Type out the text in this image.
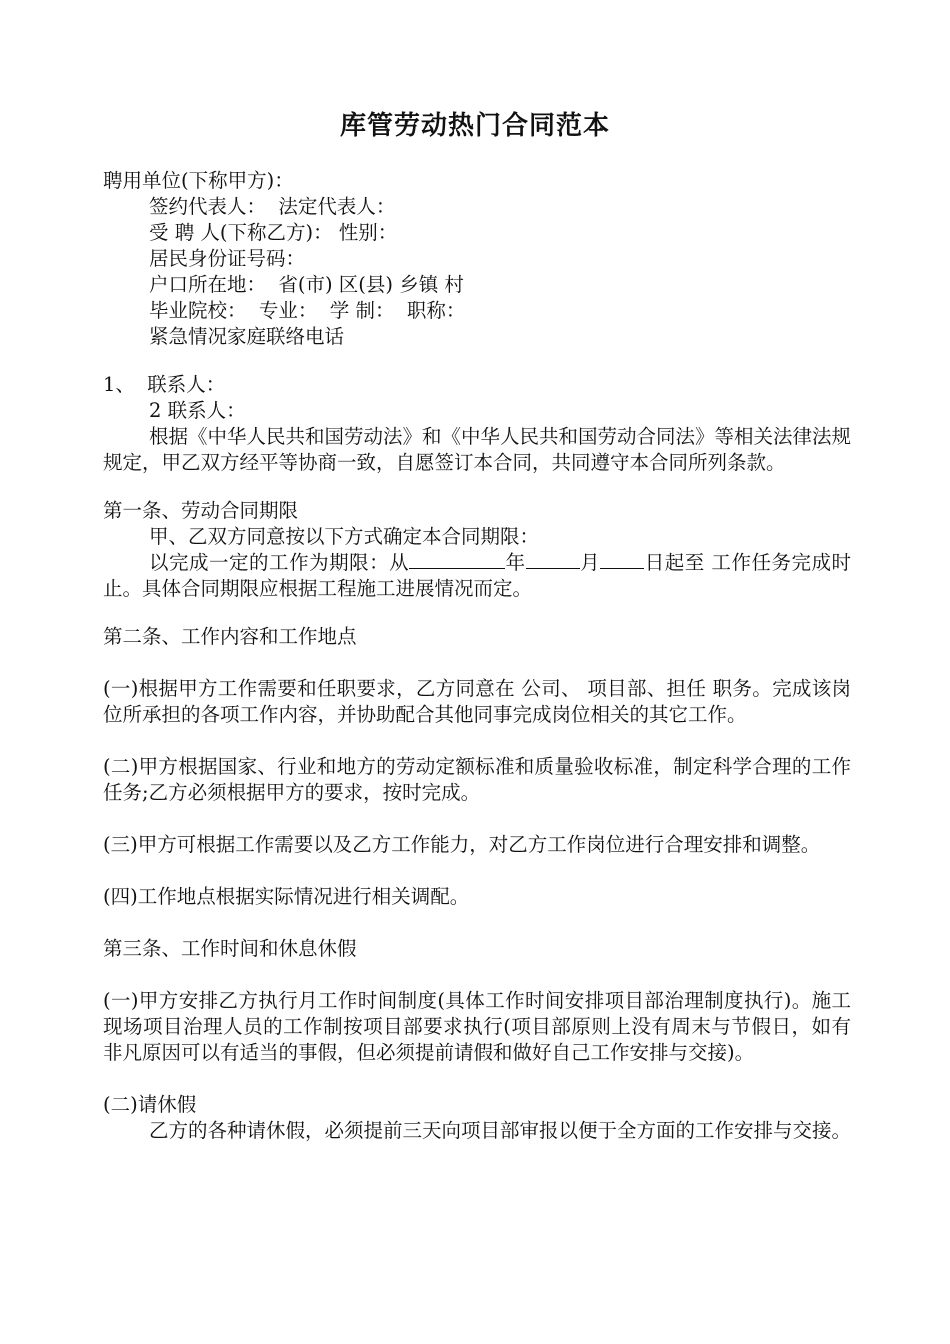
库管劳动热门合同范本

聘用单位(下称甲方)：

签约代表人：  法定代表人：

受 聘 人(下称乙方)： 性别：

居民身份证号码：

户口所在地：  省(市) 区(县) 乡镇 村

毕业院校：  专业：  学 制：  职称：

紧急情况家庭联络电话

1、  联系人：

2 联系人：

根据《中华人民共和国劳动法》和《中华人民共和国劳动合同法》等相关法律法规规定，甲乙双方经平等协商一致，自愿签订本合同，共同遵守本合同所列条款。

第一条、劳动合同期限

甲、乙双方同意按以下方式确定本合同期限：

以完成一定的工作为期限：从	年	月 日起至 工作任务完成时止。具体合同期限应根据工程施工进展情况而定。

第二条、工作内容和工作地点

(一)根据甲方工作需要和任职要求，乙方同意在 公司、 项目部、担任 职务。完成该岗位所承担的各项工作内容，并协助配合其他同事完成岗位相关的其它工作。

(二)甲方根据国家、行业和地方的劳动定额标准和质量验收标准，制定科学合理的工作任务;乙方必须根据甲方的要求，按时完成。

(三)甲方可根据工作需要以及乙方工作能力，对乙方工作岗位进行合理安排和调整。

(四)工作地点根据实际情况进行相关调配。

第三条、工作时间和休息休假

(一)甲方安排乙方执行月工作时间制度(具体工作时间安排项目部治理制度执行)。施工现场项目治理人员的工作制按项目部要求执行(项目部原则上没有周末与节假日，如有非凡原因可以有适当的事假，但必须提前请假和做好自己工作安排与交接)。

(二)请休假

乙方的各种请休假，必须提前三天向项目部审报以便于全方面的工作安排与交接。
